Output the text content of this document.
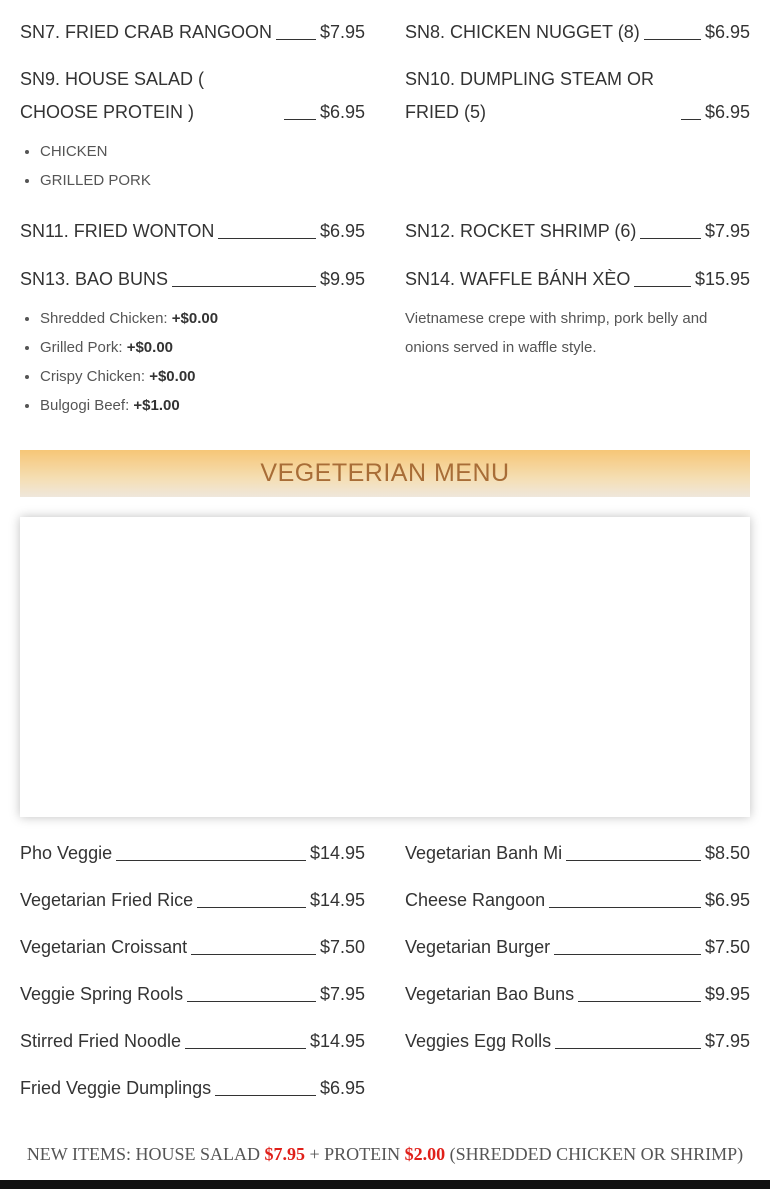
SN7. FRIED CRAB RANGOON	$7.95 SN8. CHICKEN NUGGET (8)	$6.95
SN9. HOUSE SALAD ( CHOOSE PROTEIN )	$6.95
• CHICKEN
• GRILLED PORK
SN10. DUMPLING STEAM OR FRIED (5)	$6.95
SN11. FRIED WONTON	$6.95 SN12. ROCKET SHRIMP (6)	$7.95
SN13. BAO BUNS	$9.95
• Shredded Chicken: +$0.00
• Grilled Pork: +$0.00
• Crispy Chicken: +$0.00
• Bulgogi Beef: +$1.00
SN14. WAFFLE BÁNH XÈO	$15.95
Vietnamese crepe with shrimp, pork belly and onions served in waffle style.
VEGETERIAN MENU
Pho Veggie	$14.95
Vegetarian Fried Rice	$14.95
Vegetarian Croissant	$7.50
Veggie Spring Rools	$7.95
Stirred Fried Noodle	$14.95
Fried Veggie Dumplings	$6.95
Vegetarian Banh Mi	$8.50
Cheese Rangoon	$6.95
Vegetarian Burger	$7.50
Vegetarian Bao Buns	$9.95
Veggies Egg Rolls	$7.95
NEW ITEMS: HOUSE SALAD $7.95 + PROTEIN $2.00 (SHREDDED CHICKEN OR SHRIMP)
